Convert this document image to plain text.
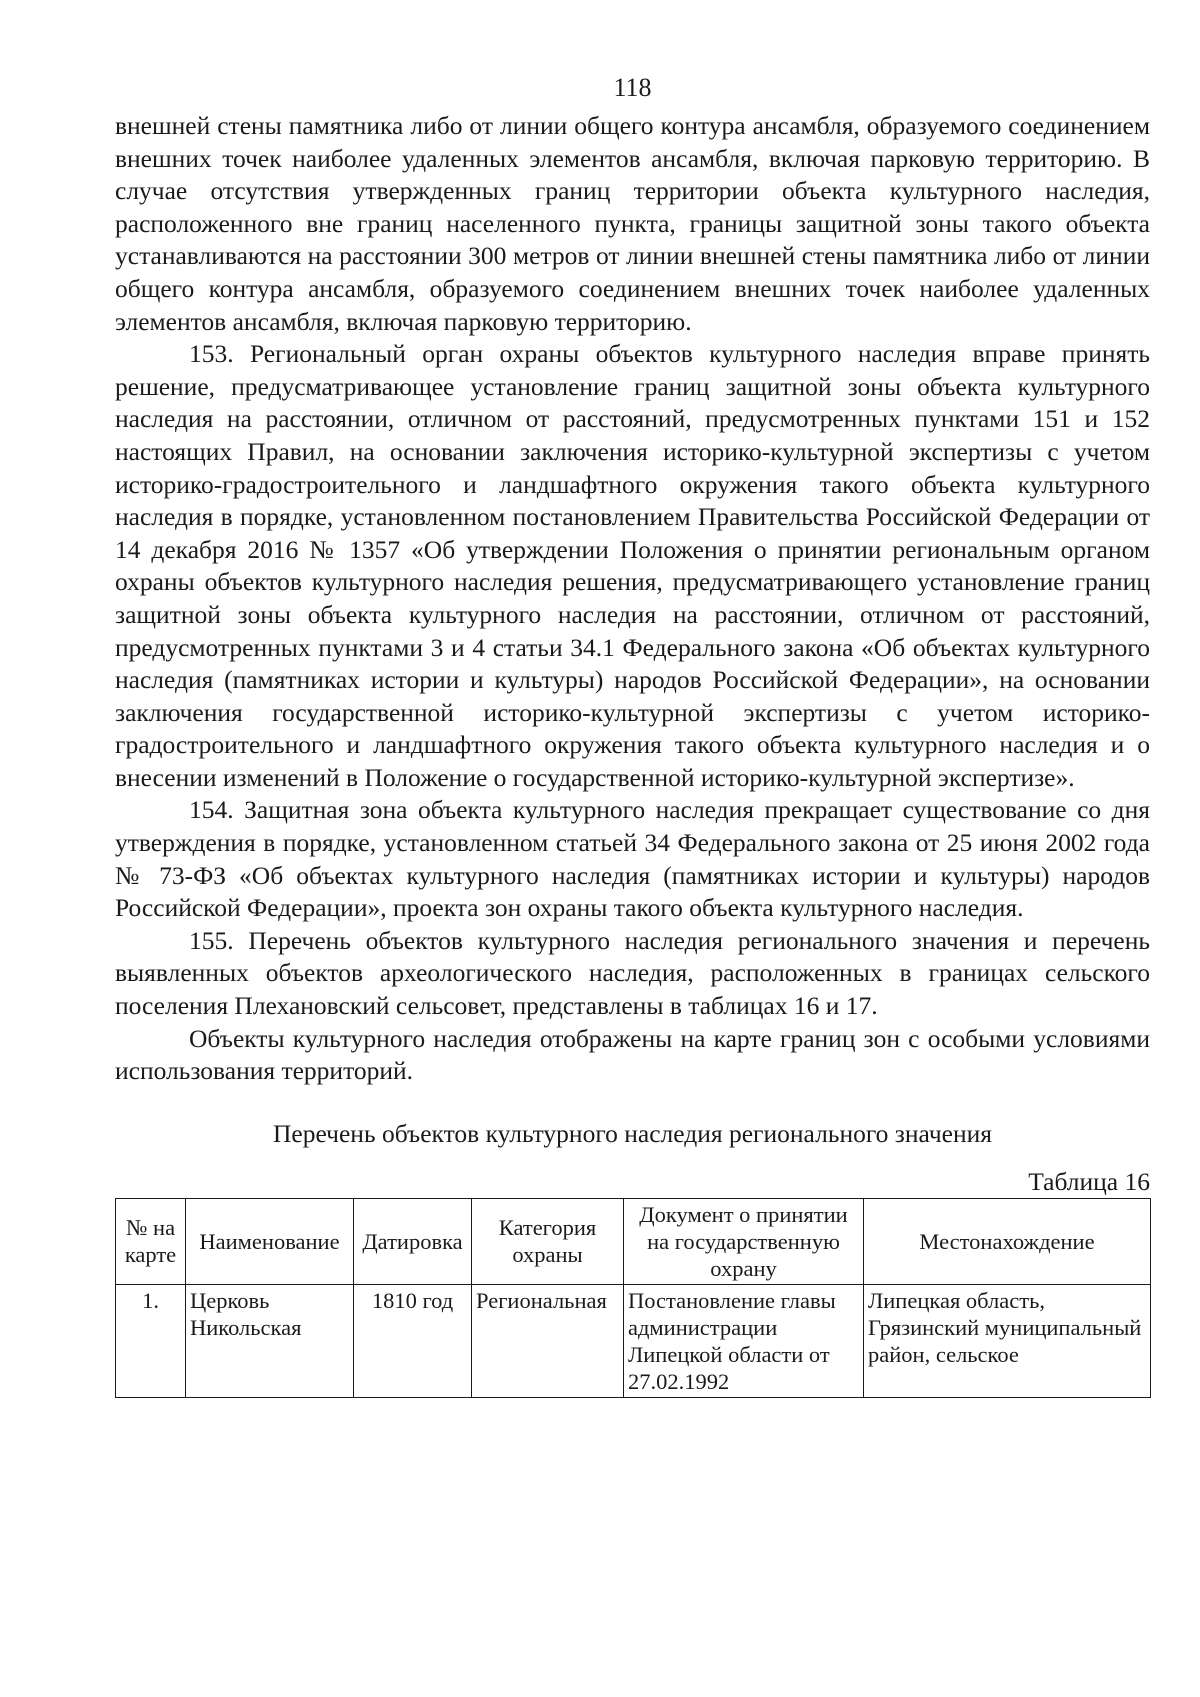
118

внешней стены памятника либо от линии общего контура ансамбля, образуемого соединением внешних точек наиболее удаленных элементов ансамбля, включая парковую территорию. В случае отсутствия утвержденных границ территории объекта культурного наследия, расположенного вне границ населенного пункта, границы защитной зоны такого объекта устанавливаются на расстоянии 300 метров от линии внешней стены памятника либо от линии общего контура ансамбля, образуемого соединением внешних точек наиболее удаленных элементов ансамбля, включая парковую территорию.

153. Региональный орган охраны объектов культурного наследия вправе принять решение, предусматривающее установление границ защитной зоны объекта культурного наследия на расстоянии, отличном от расстояний, предусмотренных пунктами 151 и 152 настоящих Правил, на основании заключения историко-культурной экспертизы с учетом историко-градостроительного и ландшафтного окружения такого объекта культурного наследия в порядке, установленном постановлением Правительства Российской Федерации от 14 декабря 2016 № 1357 «Об утверждении Положения о принятии региональным органом охраны объектов культурного наследия решения, предусматривающего установление границ защитной зоны объекта культурного наследия на расстоянии, отличном от расстояний, предусмотренных пунктами 3 и 4 статьи 34.1 Федерального закона «Об объектах культурного наследия (памятниках истории и культуры) народов Российской Федерации», на основании заключения государственной историко-культурной экспертизы с учетом историко-градостроительного и ландшафтного окружения такого объекта культурного наследия и о внесении изменений в Положение о государственной историко-культурной экспертизе».

154. Защитная зона объекта культурного наследия прекращает существование со дня утверждения в порядке, установленном статьей 34 Федерального закона от 25 июня 2002 года № 73-ФЗ «Об объектах культурного наследия (памятниках истории и культуры) народов Российской Федерации», проекта зон охраны такого объекта культурного наследия.

155. Перечень объектов культурного наследия регионального значения и перечень выявленных объектов археологического наследия, расположенных в границах сельского поселения Плехановский сельсовет, представлены в таблицах 16 и 17.

Объекты культурного наследия отображены на карте границ зон с особыми условиями использования территорий.

Перечень объектов культурного наследия регионального значения
Таблица 16
№ на карте	Наименование	Датировка	Категория охраны	Документ о принятии на государственную охрану	Местонахождение
1.	Церковь Никольская	1810 год	Региональная	Постановление главы администрации Липецкой области от 27.02.1992	Липецкая область, Грязинский муниципальный район, сельское
